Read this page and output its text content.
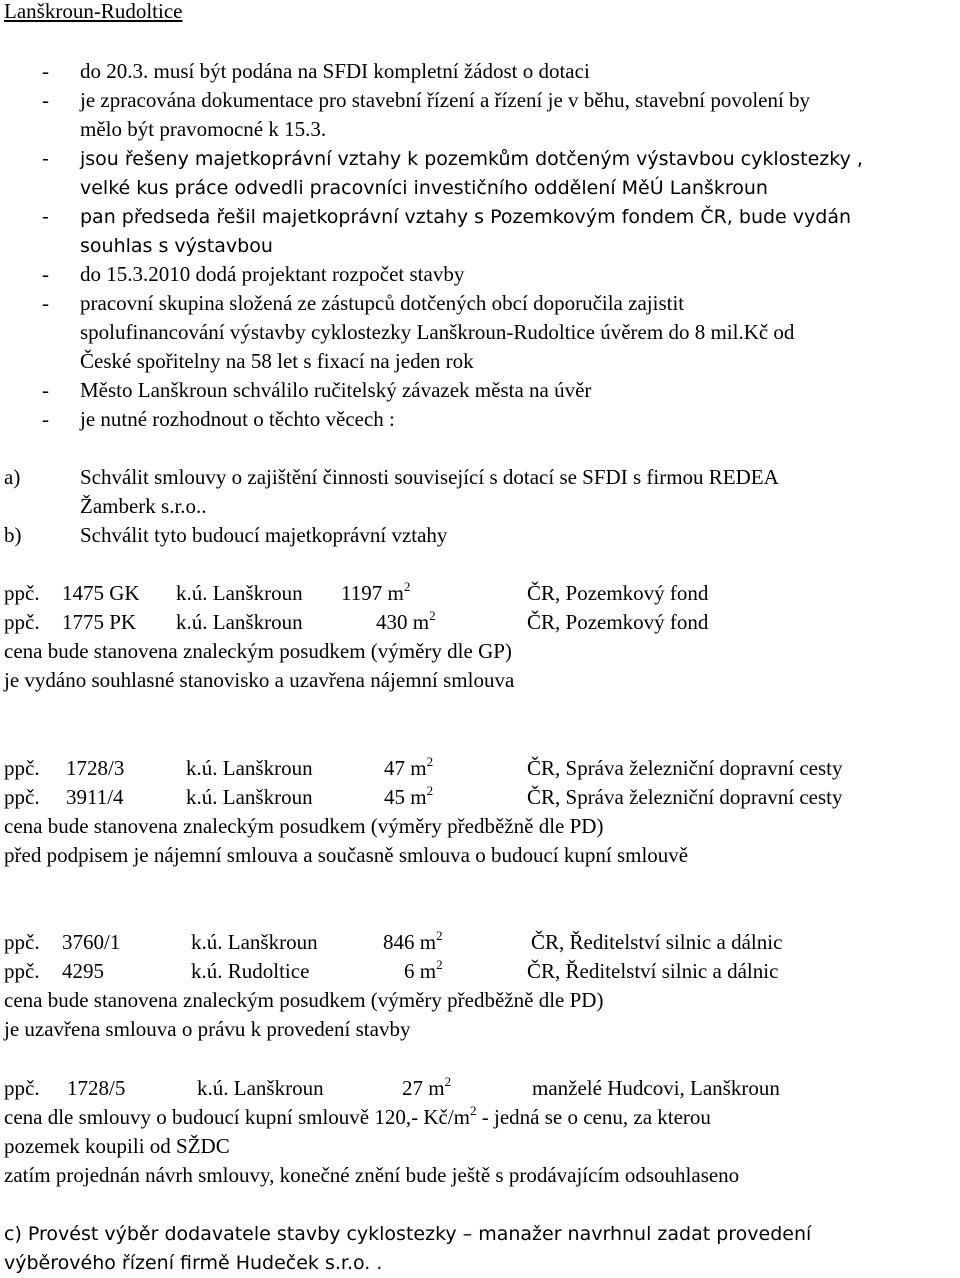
Lanškroun-Rudoltice
- do 20.3. musí být podána na SFDI kompletní žádost o dotaci
- je zpracována dokumentace pro stavební řízení a řízení je v běhu, stavební povolení by
mělo být pravomocné k 15.3.
- jsou řešeny majetkoprávní vztahy k pozemkům dotčeným výstavbou cyklostezky ,
velké kus práce odvedli pracovníci investičního oddělení MěÚ Lanškroun
- pan předseda řešil majetkoprávní vztahy s Pozemkovým fondem ČR, bude vydán
souhlas s výstavbou
- do 15.3.2010 dodá projektant rozpočet stavby
- pracovní skupina složená ze zástupců dotčených obcí doporučila zajistit
spolufinancování výstavby cyklostezky Lanškroun-Rudoltice úvěrem do 8 mil.Kč od
České spořitelny na 58 let s fixací na jeden rok
- Město Lanškroun schválilo ručitelský závazek města na úvěr
- je nutné rozhodnout o těchto věcech :
a)	Schválit smlouvy o zajištění činnosti související s dotací se SFDI s firmou REDEA
Žamberk s.r.o..
b)	Schválit tyto budoucí majetkoprávní vztahy
ppč. 1475 GK k.ú. Lanškroun 1197 $m^2$	ČR, Pozemkový fond
ppč. 1775 PK k.ú. Lanškroun	430 $m^2$	ČR, Pozemkový fond
cena bude stanovena znaleckým posudkem (výměry dle GP)
je vydáno souhlasné stanovisko a uzavřena nájemní smlouva
ppč. 1728/3	k.ú. Lanškroun	47 $m^2$	ČR, Správa železniční dopravní cesty
ppč. 3911/4	k.ú. Lanškroun	45 $m^2$	ČR, Správa železniční dopravní cesty
cena bude stanovena znaleckým posudkem (výměry předběžně dle PD)
před podpisem je nájemní smlouva a současně smlouva o budoucí kupní smlouvě
ppč. 3760/1	k.ú. Lanškroun	846 $m^2$	ČR, Ředitelství silnic a dálnic
ppč. 4295	k.ú. Rudoltice	6 $m^2$	ČR, Ředitelství silnic a dálnic
cena bude stanovena znaleckým posudkem (výměry předběžně dle PD)
je uzavřena smlouva o právu k provedení stavby
ppč. 1728/5	k.ú. Lanškroun	27 $m^2$	manželé Hudcovi, Lanškroun
cena dle smlouvy o budoucí kupní smlouvě 120,- $Kč/m^2$ - jedná se o cenu, za kterou
pozemek koupili od SŽDC
zatím projednán návrh smlouvy, konečné znění bude ještě s prodávajícím odsouhlaseno
c) Provést výběr dodavatele stavby cyklostezky – manažer navrhnul zadat provedení
výběrového řízení firmě Hudeček s.r.o. .
